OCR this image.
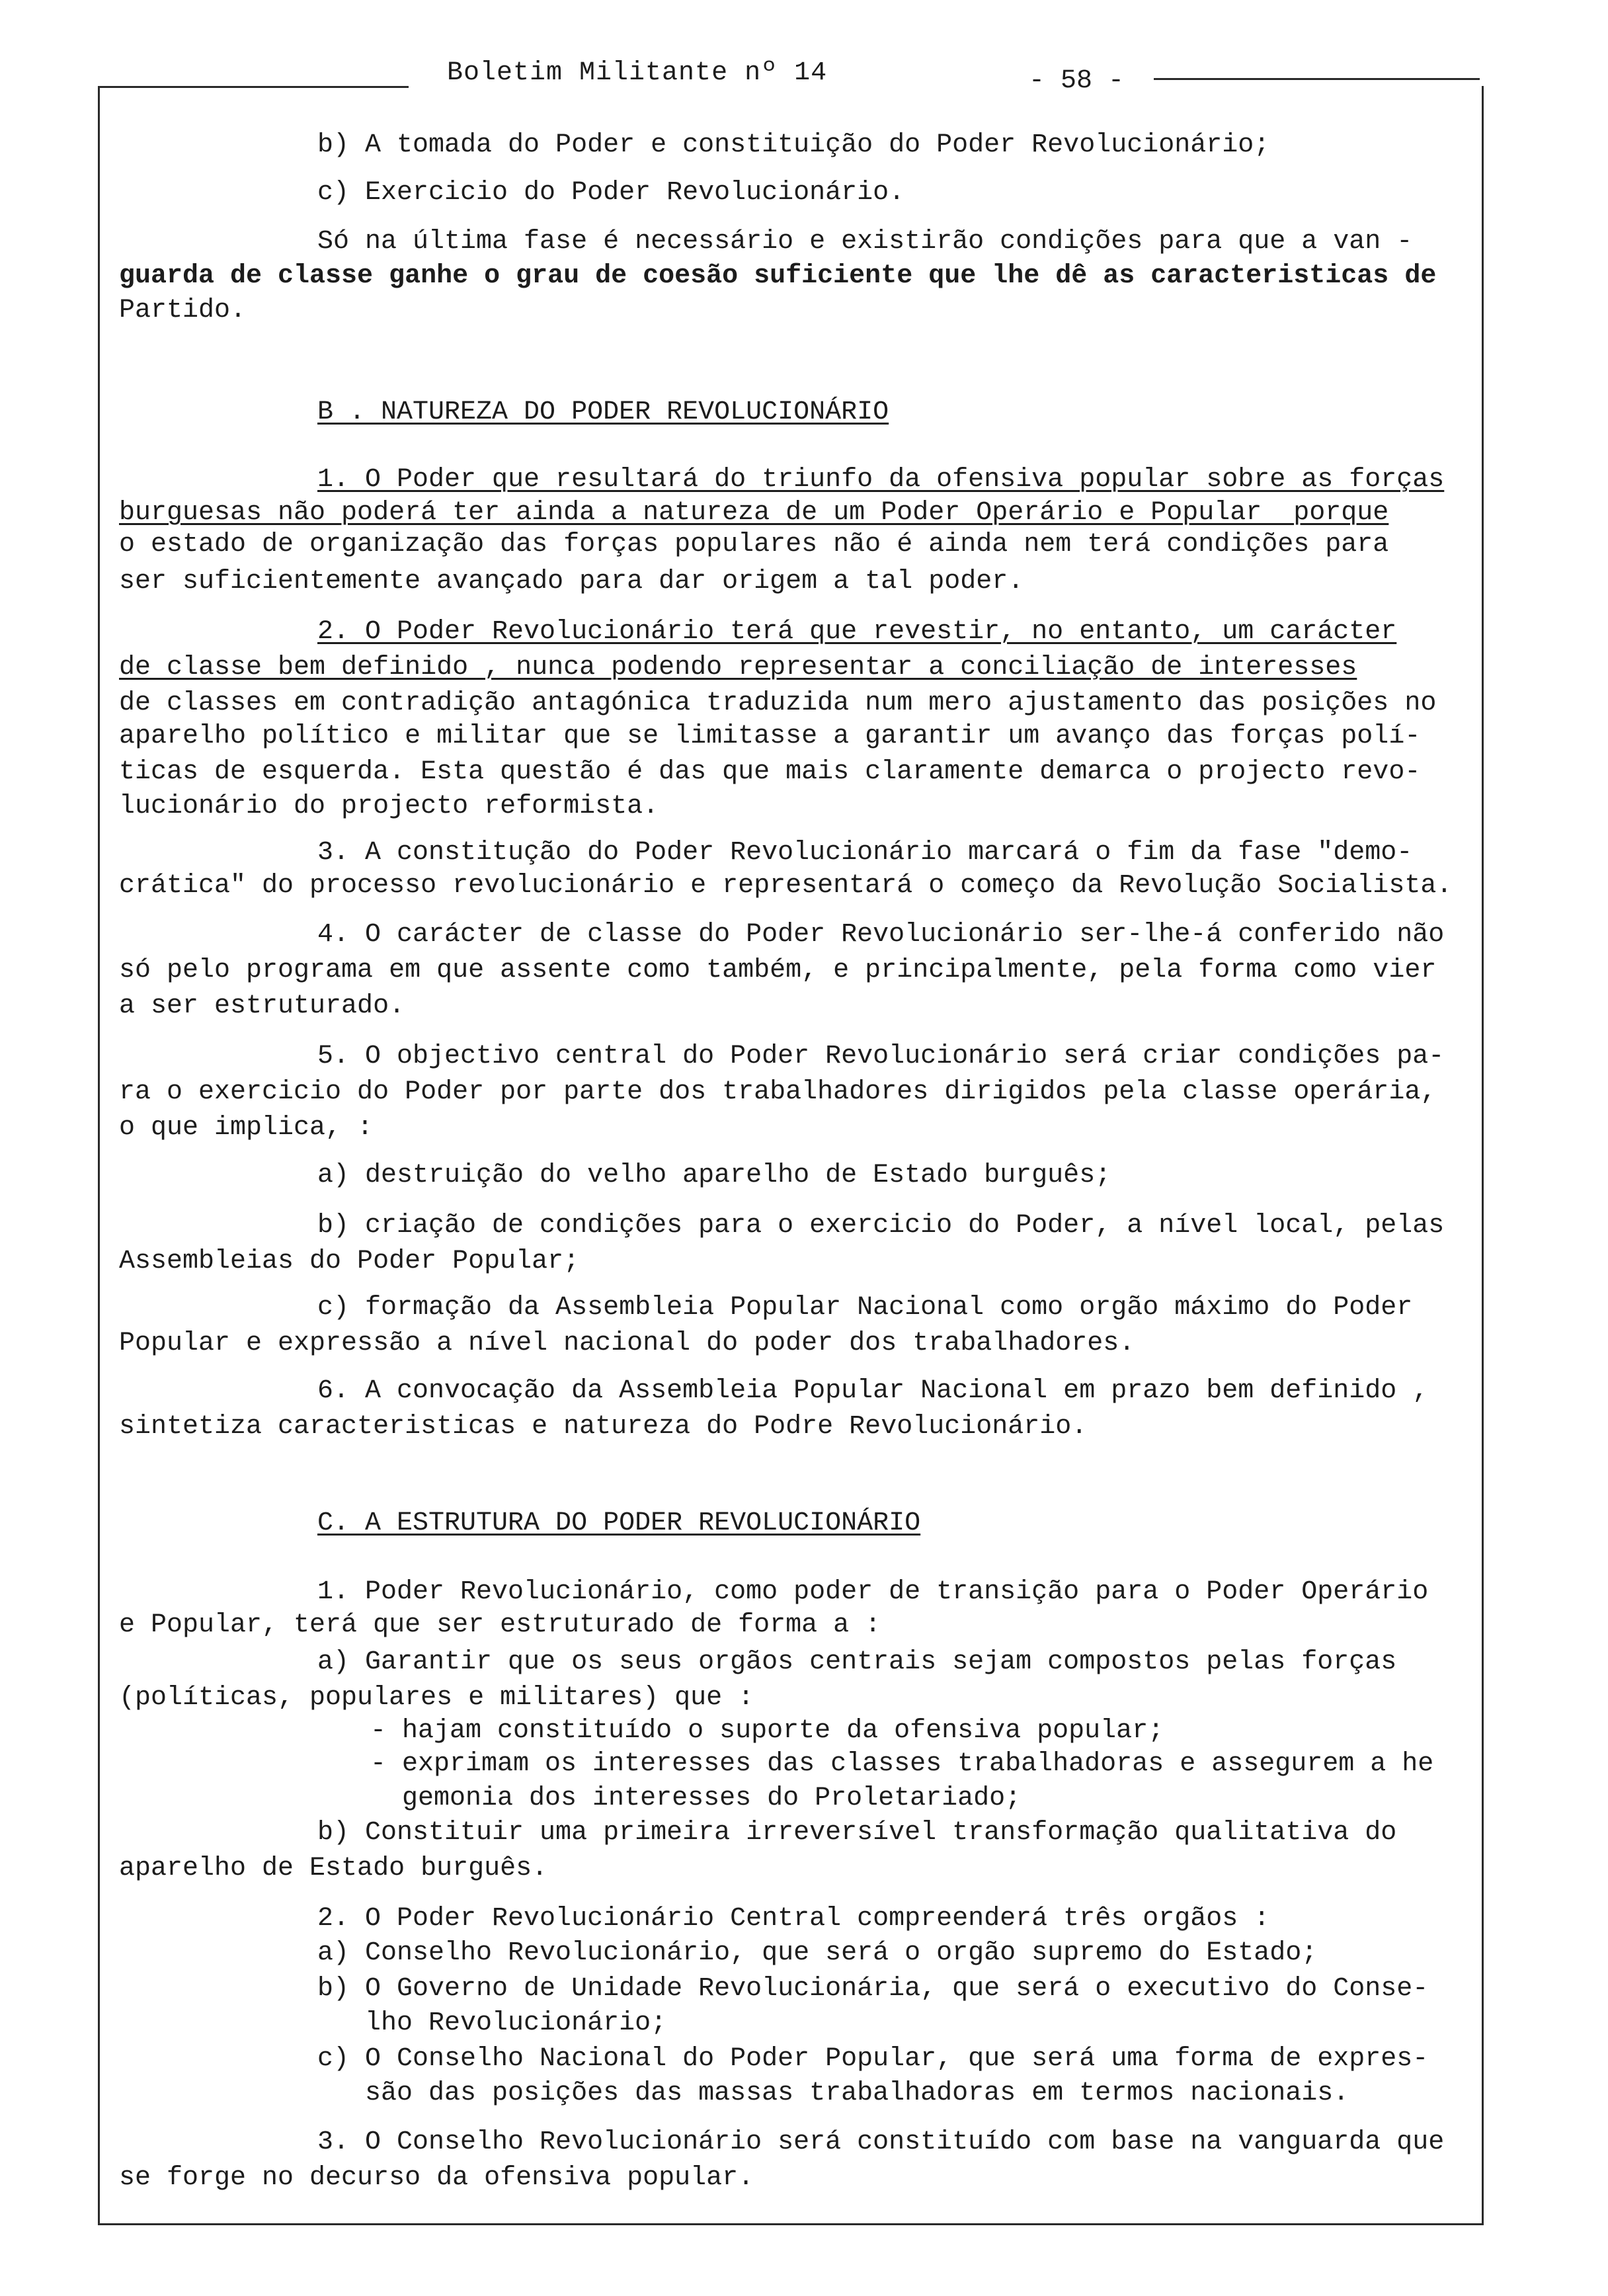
Boletim Militante nº 14	- 58 -
b) A tomada do Poder e constituição do Poder Revolucionário;
c) Exercicio do Poder Revolucionário.
Só na última fase é necessário e existirão condições para que a van -
guarda de classe ganhe o grau de coesão suficiente que lhe dê as caracteristicas de
Partido.
B . NATUREZA DO PODER REVOLUCIONÁRIO
1. O Poder que resultará do triunfo da ofensiva popular sobre as forças
burguesas não poderá ter ainda a natureza de um Poder Operário e Popular  porque
o estado de organização das forças populares não é ainda nem terá condições para
ser suficientemente avançado para dar origem a tal poder.
2. O Poder Revolucionário terá que revestir, no entanto, um carácter
de classe bem definido , nunca podendo representar a conciliação de interesses
de classes em contradição antagónica traduzida num mero ajustamento das posições no
aparelho político e militar que se limitasse a garantir um avanço das forças polí-
ticas de esquerda. Esta questão é das que mais claramente demarca o projecto revo-
lucionário do projecto reformista.
3. A constitução do Poder Revolucionário marcará o fim da fase "demo-
crática" do processo revolucionário e representará o começo da Revolução Socialista.
4. O carácter de classe do Poder Revolucionário ser-lhe-á conferido não
só pelo programa em que assente como também, e principalmente, pela forma como vier
a ser estruturado.
5. O objectivo central do Poder Revolucionário será criar condições pa-
ra o exercicio do Poder por parte dos trabalhadores dirigidos pela classe operária,
o que implica, :
a) destruição do velho aparelho de Estado burguês;
b) criação de condições para o exercicio do Poder, a nível local, pelas
Assembleias do Poder Popular;
c) formação da Assembleia Popular Nacional como orgão máximo do Poder
Popular e expressão a nível nacional do poder dos trabalhadores.
6. A convocação da Assembleia Popular Nacional em prazo bem definido ,
sintetiza caracteristicas e natureza do Podre Revolucionário.
C. A ESTRUTURA DO PODER REVOLUCIONÁRIO
1. Poder Revolucionário, como poder de transição para o Poder Operário
e Popular, terá que ser estruturado de forma a :
a) Garantir que os seus orgãos centrais sejam compostos pelas forças
(políticas, populares e militares) que :
- hajam constituído o suporte da ofensiva popular;
- exprimam os interesses das classes trabalhadoras e assegurem a he
gemonia dos interesses do Proletariado;
b) Constituir uma primeira irreversível transformação qualitativa do
aparelho de Estado burguês.
2. O Poder Revolucionário Central compreenderá três orgãos :
a) Conselho Revolucionário, que será o orgão supremo do Estado;
b) O Governo de Unidade Revolucionária, que será o executivo do Conse-
lho Revolucionário;
c) O Conselho Nacional do Poder Popular, que será uma forma de expres-
são das posições das massas trabalhadoras em termos nacionais.
3. O Conselho Revolucionário será constituído com base na vanguarda que
se forge no decurso da ofensiva popular.
